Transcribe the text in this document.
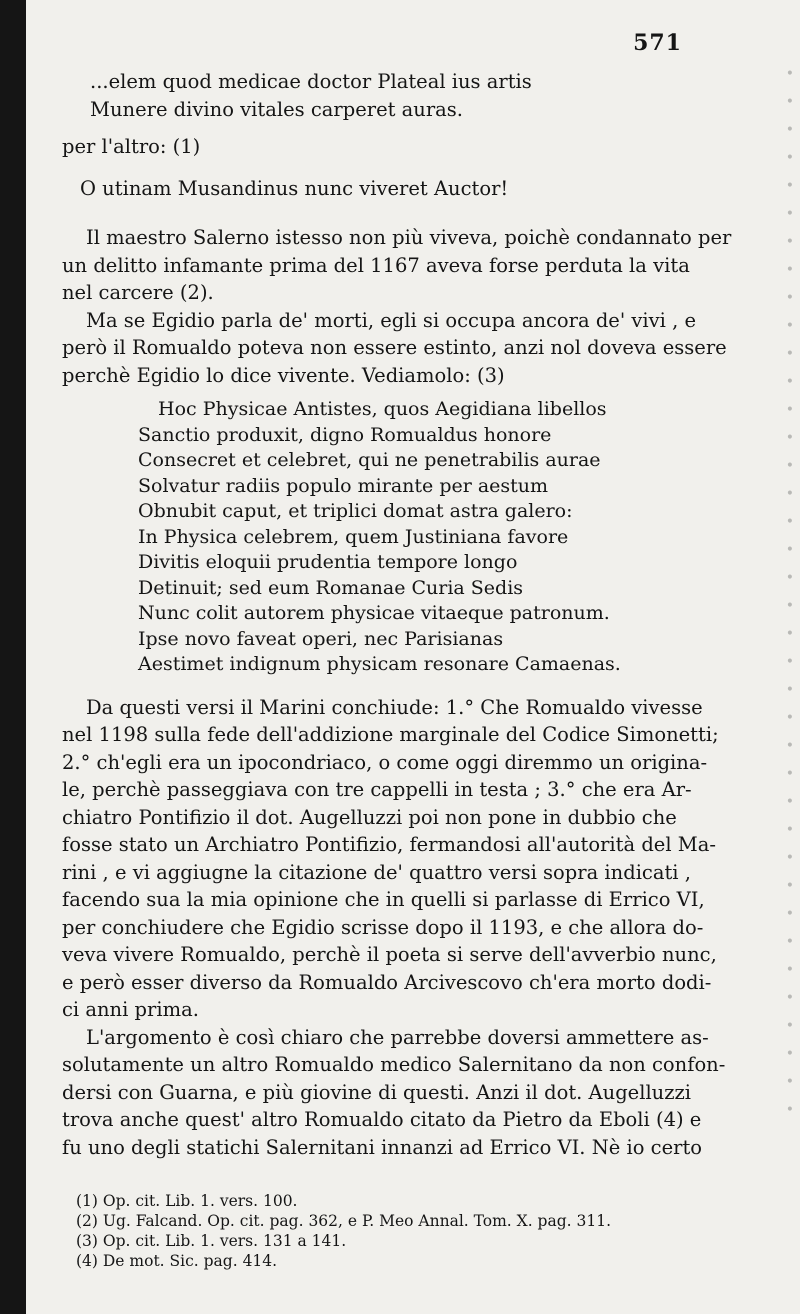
•
•
•
•
•
•
•
•
•
•
•
•
•
•
•
•
•
•
•
•
•
•
•
•
•
•
•
•
•
•
•
•
•
•
•
•
•
•
571
...elem quod medicae doctor Plateal ius artis
Munere divino vitales carperet auras.
per l'altro: (1)
O utinam Musandinus nunc viveret Auctor!
Il maestro Salerno istesso non più viveva, poichè condannato per
un delitto infamante prima del 1167 aveva forse perduta la vita
nel carcere (2).
Ma se Egidio parla de' morti, egli si occupa ancora de' vivi , e
però il Romualdo poteva non essere estinto, anzi nol doveva essere
perchè Egidio lo dice vivente. Vediamolo: (3)
Hoc Physicae Antistes, quos Aegidiana libellos
Sanctio produxit, digno Romualdus honore
Consecret et celebret, qui ne penetrabilis aurae
Solvatur radiis populo mirante per aestum
Obnubit caput, et triplici domat astra galero:
In Physica celebrem, quem Justiniana favore
Divitis eloquii prudentia tempore longo
Detinuit; sed eum Romanae Curia Sedis
Nunc colit autorem physicae vitaeque patronum.
Ipse novo faveat operi, nec Parisianas
Aestimet indignum physicam resonare Camaenas.
Da questi versi il Marini conchiude: 1.° Che Romualdo vivesse
nel 1198 sulla fede dell'addizione marginale del Codice Simonetti;
2.° ch'egli era un ipocondriaco, o come oggi diremmo un origina-
le, perchè passeggiava con tre cappelli in testa ; 3.° che era Ar-
chiatro Pontifizio il dot. Augelluzzi poi non pone in dubbio che
fosse stato un Archiatro Pontifizio, fermandosi all'autorità del Ma-
rini , e vi aggiugne la citazione de' quattro versi sopra indicati ,
facendo sua la mia opinione che in quelli si parlasse di Errico VI,
per conchiudere che Egidio scrisse dopo il 1193, e che allora do-
veva vivere Romualdo, perchè il poeta si serve dell'avverbio nunc,
e però esser diverso da Romualdo Arcivescovo ch'era morto dodi-
ci anni prima.
L'argomento è così chiaro che parrebbe doversi ammettere as-
solutamente un altro Romualdo medico Salernitano da non confon-
dersi con Guarna, e più giovine di questi. Anzi il dot. Augelluzzi
trova anche quest' altro Romualdo citato da Pietro da Eboli (4) e
fu uno degli statichi Salernitani innanzi ad Errico VI. Nè io certo
(1) Op. cit. Lib. 1. vers. 100.
(2) Ug. Falcand. Op. cit. pag. 362, e P. Meo Annal. Tom. X. pag. 311.
(3) Op. cit. Lib. 1. vers. 131 a 141.
(4) De mot. Sic. pag. 414.
